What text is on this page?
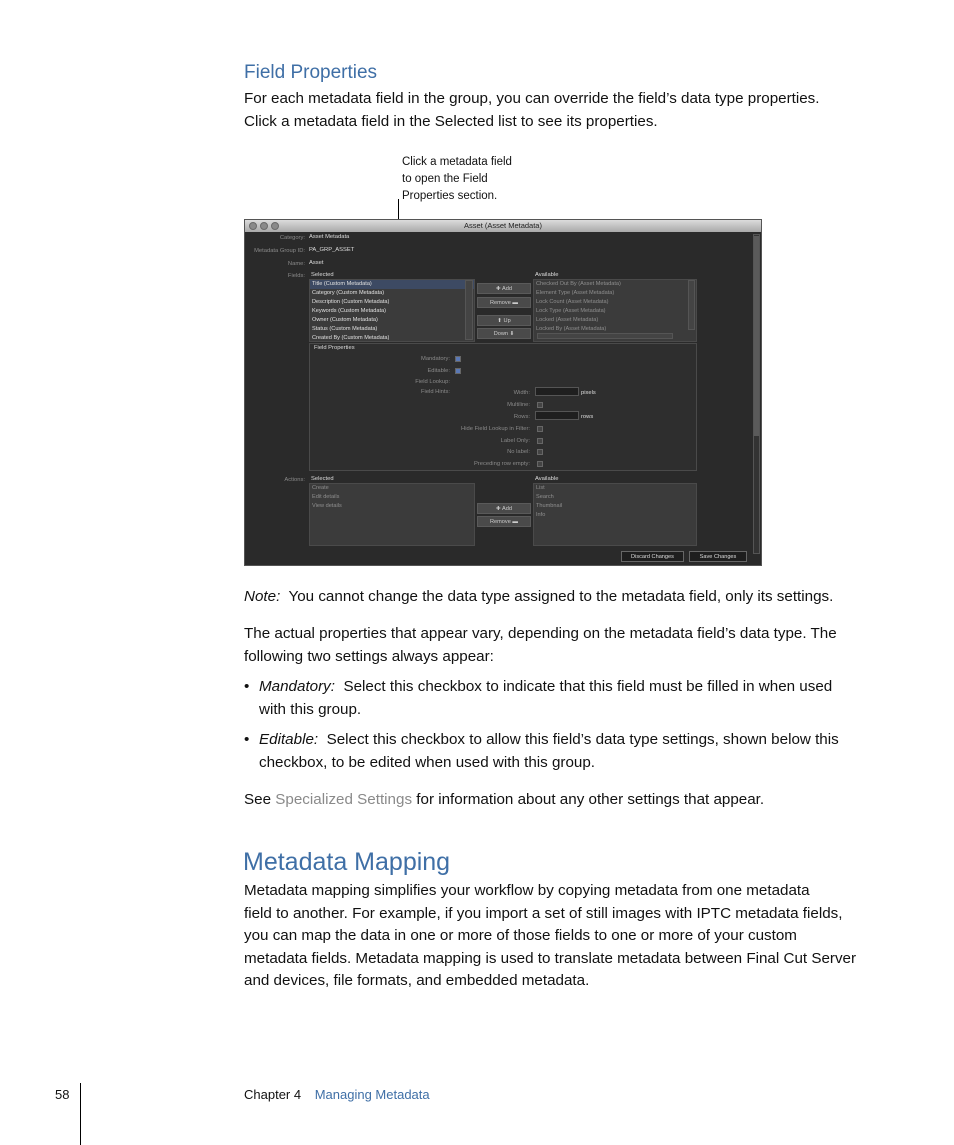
Field Properties

For each metadata field in the group, you can override the field’s data type properties.

Click a metadata field in the Selected list to see its properties.

Click a metadata field
to open the Field
Properties section.
Asset (Asset Metadata)
Category: Asset Metadata
Metadata Group ID: PA_GRP_ASSET
Name: Asset
Fields: Selected
Title (Custom Metadata)
Category (Custom Metadata)
Description (Custom Metadata)
Keywords (Custom Metadata)
Owner (Custom Metadata)
Status (Custom Metadata)
Created By (Custom Metadata)
✚ Add
Remove ▬
⬆ Up
Down ⬇
Available
Checked Out By (Asset Metadata)
Element Type (Asset Metadata)
Lock Count (Asset Metadata)
Lock Type (Asset Metadata)
Locked (Asset Metadata)
Locked By (Asset Metadata)
Field Properties
Mandatory:
Editable:
Field Lookup:
Field Hints:	Width:	pixels
Multiline:
Rows:	rows
Hide Field Lookup in Filter:
Label Only:
No label:
Preceding row empty:
Actions: Selected
Create
Edit details
View details	✚ Add
Remove ▬
Available
List
Search
Thumbnail
Info
Discard Changes	Save Changes

Note: You cannot change the data type assigned to the metadata field, only its settings.

The actual properties that appear vary, depending on the metadata field’s data type. The

following two settings always appear:

• Mandatory: Select this checkbox to indicate that this field must be filled in when used

with this group.

• Editable: Select this checkbox to allow this field’s data type settings, shown below this

checkbox, to be edited when used with this group.

See Specialized Settings for information about any other settings that appear.

Metadata Mapping

Metadata mapping simplifies your workflow by copying metadata from one metadata

field to another. For example, if you import a set of still images with IPTC metadata fields,

you can map the data in one or more of those fields to one or more of your custom

metadata fields. Metadata mapping is used to translate metadata between Final Cut Server

and devices, file formats, and embedded metadata.

58	Chapter 4 Managing Metadata
